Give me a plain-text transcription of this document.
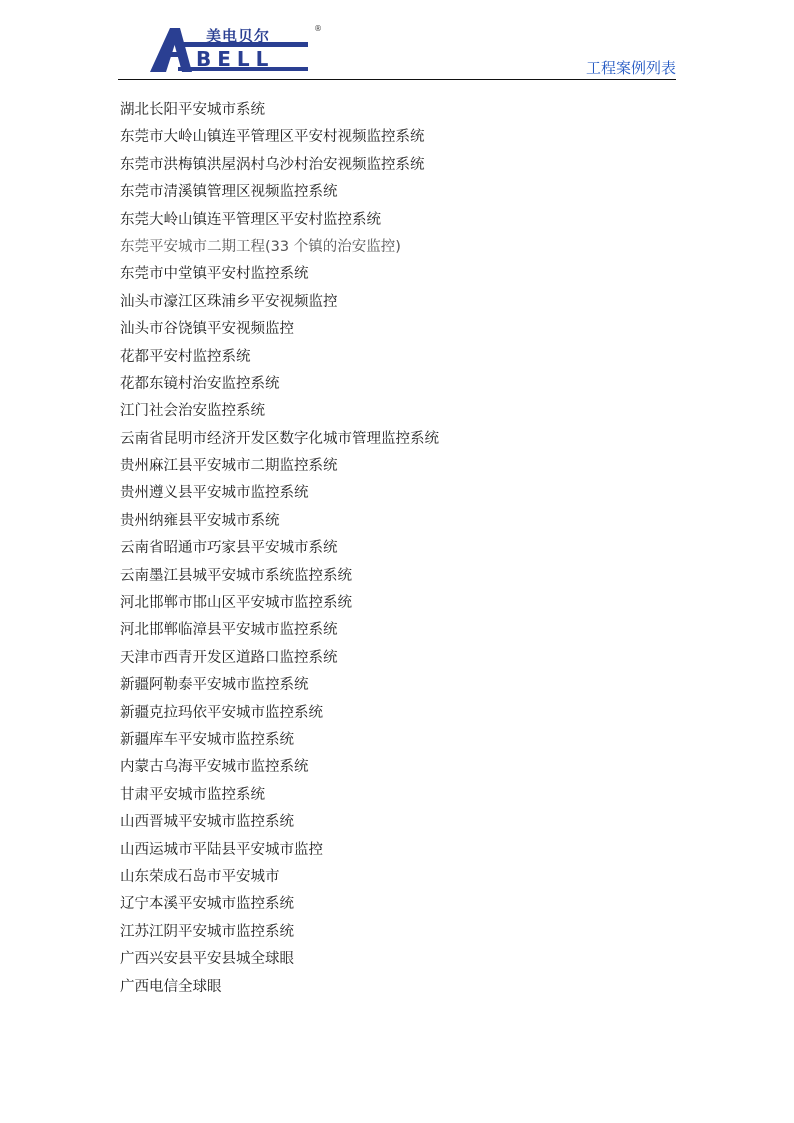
BELL
美电贝尔	®
工程案例列表
湖北长阳平安城市系统
东莞市大岭山镇连平管理区平安村视频监控系统
东莞市洪梅镇洪屋涡村乌沙村治安视频监控系统
东莞市清溪镇管理区视频监控系统
东莞大岭山镇连平管理区平安村监控系统
东莞平安城市二期工程(33 个镇的治安监控)
东莞市中堂镇平安村监控系统
汕头市濠江区珠浦乡平安视频监控
汕头市谷饶镇平安视频监控
花都平安村监控系统
花都东镜村治安监控系统
江门社会治安监控系统
云南省昆明市经济开发区数字化城市管理监控系统
贵州麻江县平安城市二期监控系统
贵州遵义县平安城市监控系统
贵州纳雍县平安城市系统
云南省昭通市巧家县平安城市系统
云南墨江县城平安城市系统监控系统
河北邯郸市邯山区平安城市监控系统
河北邯郸临漳县平安城市监控系统
天津市西青开发区道路口监控系统
新疆阿勒泰平安城市监控系统
新疆克拉玛依平安城市监控系统
新疆库车平安城市监控系统
内蒙古乌海平安城市监控系统
甘肃平安城市监控系统
山西晋城平安城市监控系统
山西运城市平陆县平安城市监控
山东荣成石岛市平安城市
辽宁本溪平安城市监控系统
江苏江阴平安城市监控系统
广西兴安县平安县城全球眼
广西电信全球眼
